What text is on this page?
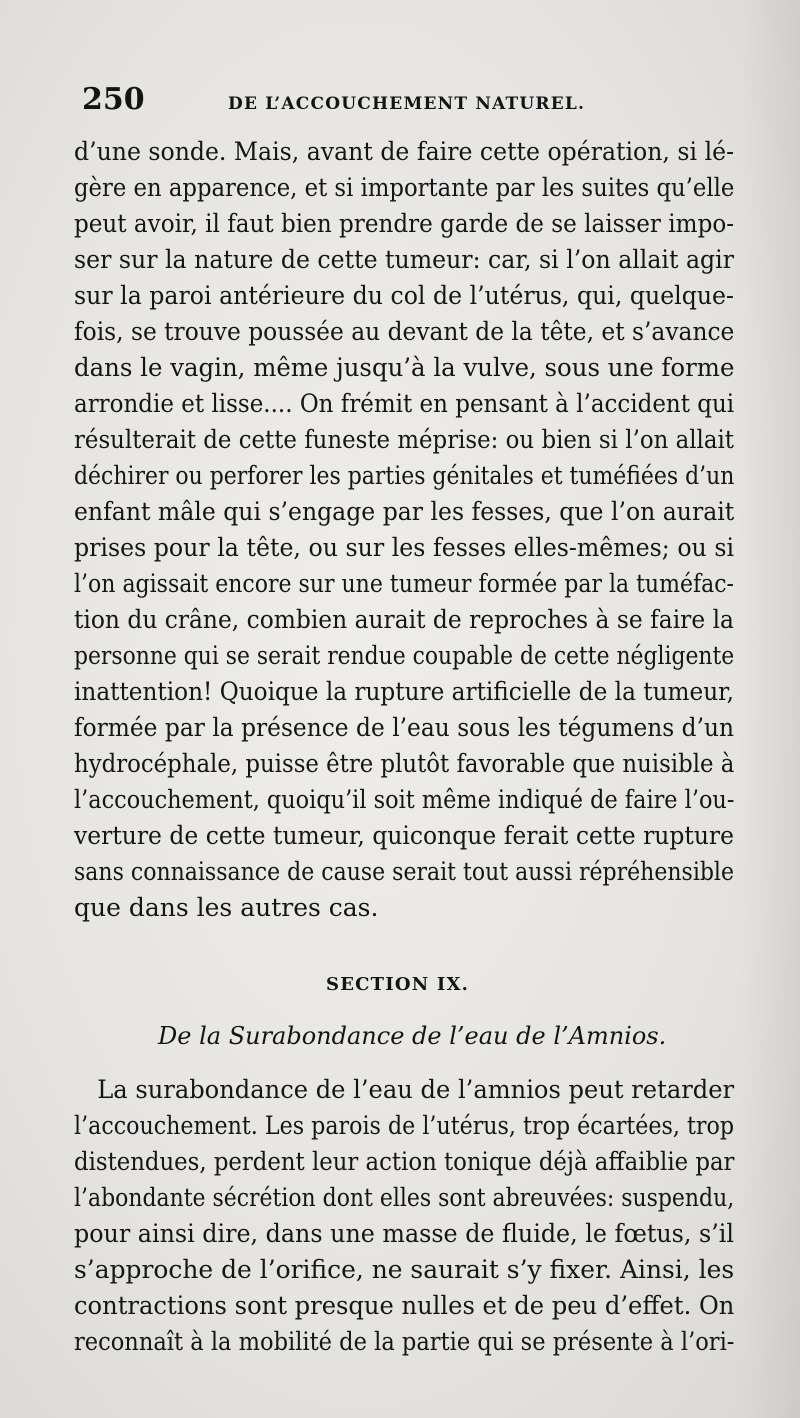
250	DE L’ACCOUCHEMENT NATUREL.
d’une sonde. Mais, avant de faire cette opération, si lé-
gère en apparence, et si importante par les suites qu’elle
peut avoir, il faut bien prendre garde de se laisser impo-
ser sur la nature de cette tumeur: car, si l’on allait agir
sur la paroi antérieure du col de l’utérus, qui, quelque-
fois, se trouve poussée au devant de la tête, et s’avance
dans le vagin, même jusqu’à la vulve, sous une forme
arrondie et lisse.... On frémit en pensant à l’accident qui
résulterait de cette funeste méprise: ou bien si l’on allait
déchirer ou perforer les parties génitales et tuméfiées d’un
enfant mâle qui s’engage par les fesses, que l’on aurait
prises pour la tête, ou sur les fesses elles-mêmes; ou si
l’on agissait encore sur une tumeur formée par la tuméfac-
tion du crâne, combien aurait de reproches à se faire la
personne qui se serait rendue coupable de cette négligente
inattention! Quoique la rupture artificielle de la tumeur,
formée par la présence de l’eau sous les tégumens d’un
hydrocéphale, puisse être plutôt favorable que nuisible à
l’accouchement, quoiqu’il soit même indiqué de faire l’ou-
verture de cette tumeur, quiconque ferait cette rupture
sans connaissance de cause serait tout aussi répréhensible
que dans les autres cas.
SECTION IX.
De la Surabondance de l’eau de l’Amnios.
La surabondance de l’eau de l’amnios peut retarder
l’accouchement. Les parois de l’utérus, trop écartées, trop
distendues, perdent leur action tonique déjà affaiblie par
l’abondante sécrétion dont elles sont abreuvées: suspendu,
pour ainsi dire, dans une masse de fluide, le fœtus, s’il
s’approche de l’orifice, ne saurait s’y fixer. Ainsi, les
contractions sont presque nulles et de peu d’effet. On
reconnaît à la mobilité de la partie qui se présente à l’ori-
